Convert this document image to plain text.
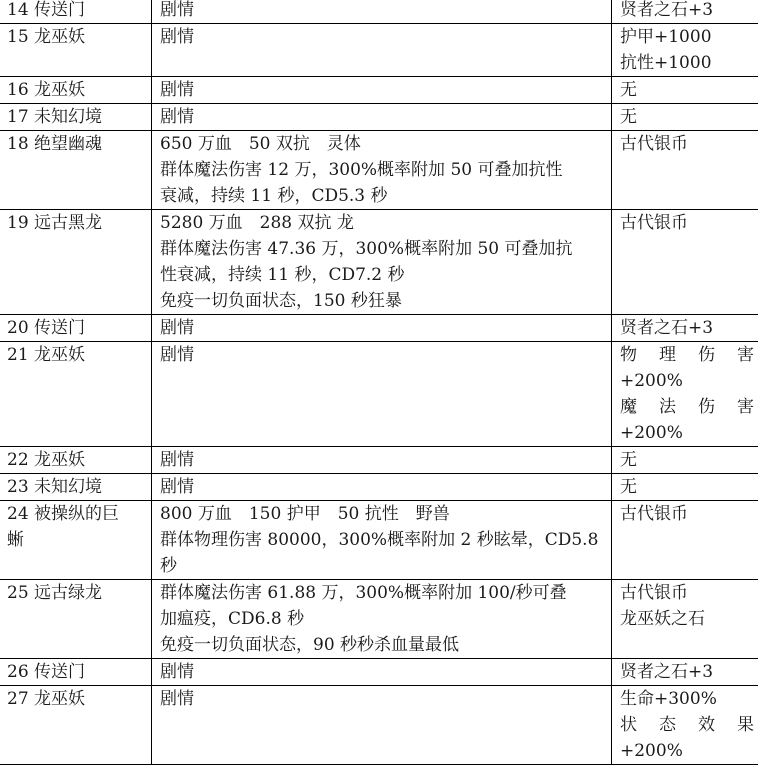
14 传送门	剧情	贤者之石+3

15 龙巫妖	剧情	护甲+1000
抗性+1000

16 龙巫妖	剧情	无

17 未知幻境	剧情	无

18 绝望幽魂	650 万血　50 双抗　灵体
群体魔法伤害 12 万，300%概率附加 50 可叠加抗性
衰减，持续 11 秒，CD5.3 秒	古代银币

19 远古黑龙	5280 万血　288 双抗 龙
群体魔法伤害 47.36 万，300%概率附加 50 可叠加抗
性衰减，持续 11 秒，CD7.2 秒
免疫一切负面状态，150 秒狂暴	古代银币

20 传送门	剧情	贤者之石+3

21 龙巫妖	剧情	物理伤害
+200%
魔法伤害
+200%

22 龙巫妖	剧情	无

23 未知幻境	剧情	无

24 被操纵的巨
蜥	800 万血　150 护甲　50 抗性　野兽
群体物理伤害 80000，300%概率附加 2 秒眩晕，CD5.8
秒	古代银币

25 远古绿龙	群体魔法伤害 61.88 万，300%概率附加 100/秒可叠
加瘟疫，CD6.8 秒
免疫一切负面状态，90 秒秒杀血量最低	古代银币
龙巫妖之石

26 传送门	剧情	贤者之石+3

27 龙巫妖	剧情	生命+300%
状态效果
+200%
